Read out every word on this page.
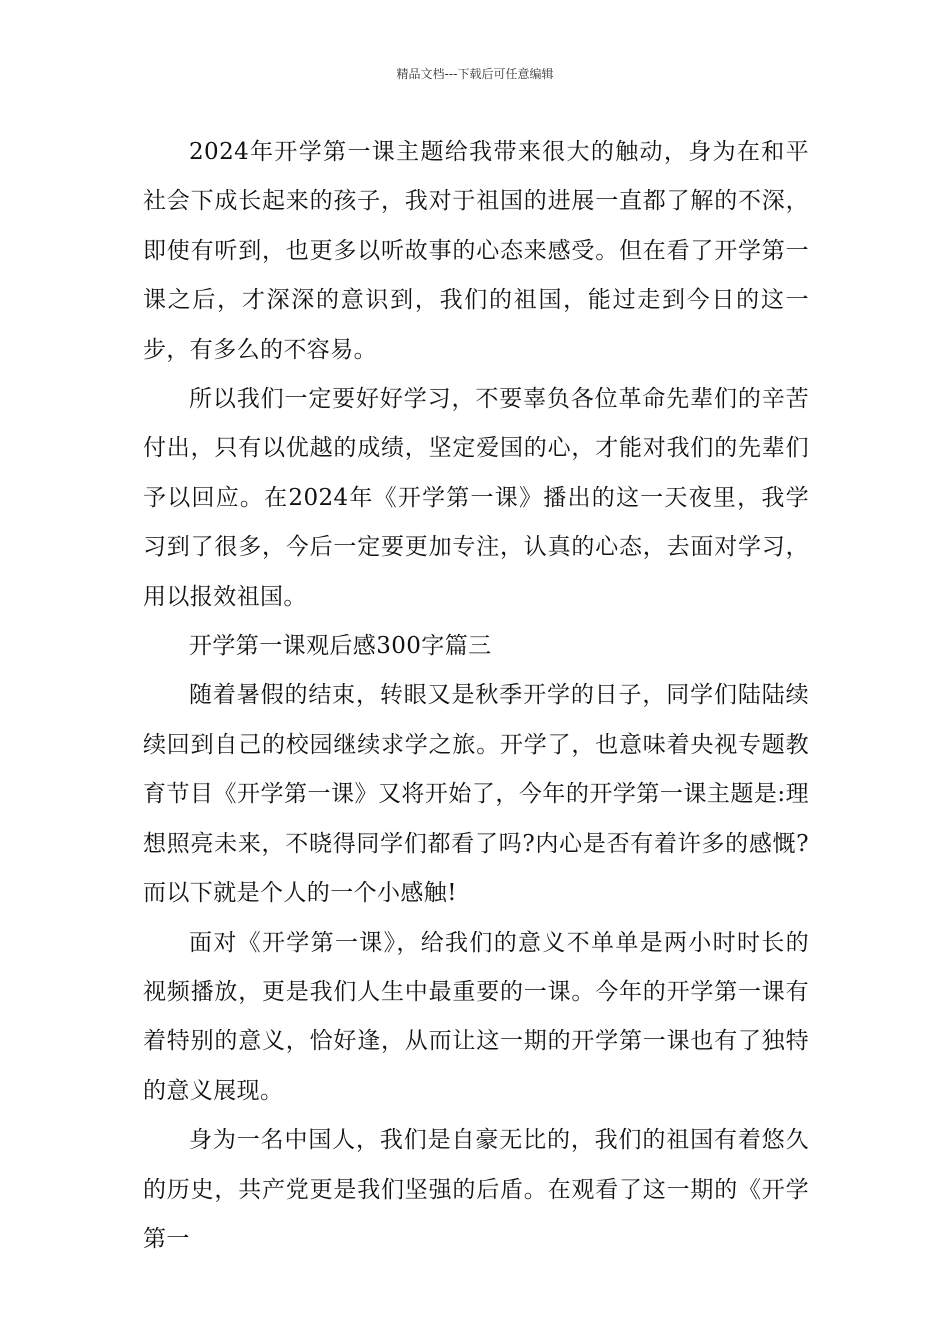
精品文档---下载后可任意编辑

2024年开学第一课主题给我带来很大的触动，身为在和平社会下成长起来的孩子，我对于祖国的进展一直都了解的不深，即使有听到，也更多以听故事的心态来感受。但在看了开学第一课之后，才深深的意识到，我们的祖国，能过走到今日的这一步，有多么的不容易。

所以我们一定要好好学习，不要辜负各位革命先辈们的辛苦付出，只有以优越的成绩，坚定爱国的心，才能对我们的先辈们予以回应。在2024年《开学第一课》播出的这一天夜里，我学习到了很多，今后一定要更加专注，认真的心态，去面对学习，用以报效祖国。

开学第一课观后感300字篇三

随着暑假的结束，转眼又是秋季开学的日子，同学们陆陆续续回到自己的校园继续求学之旅。开学了，也意味着央视专题教育节目《开学第一课》又将开始了，今年的开学第一课主题是:理想照亮未来，不晓得同学们都看了吗?内心是否有着许多的感慨?而以下就是个人的一个小感触!

面对《开学第一课》，给我们的意义不单单是两小时时长的视频播放，更是我们人生中最重要的一课。今年的开学第一课有着特别的意义，恰好逢，从而让这一期的开学第一课也有了独特的意义展现。

身为一名中国人，我们是自豪无比的，我们的祖国有着悠久的历史，共产党更是我们坚强的后盾。在观看了这一期的《开学第一
